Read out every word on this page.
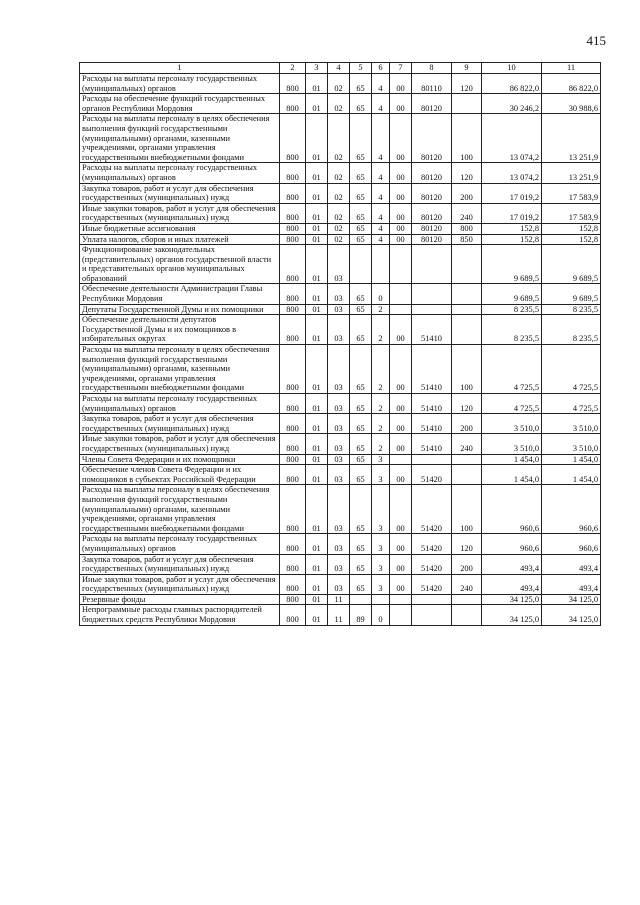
415
1	2	3	4	5	6	7	8	9	10	11
Расходы на выплаты персоналу государственных (муниципальных) органов	800	01	02	65	4	00	80110	120	86 822,0	86 822,0
Расходы на обеспечение функций государственных органов Республики Мордовия	800	01	02	65	4	00	80120		30 246,2	30 988,6
Расходы на выплаты персоналу в целях обеспечения выполнения функций государственными (муниципальными) органами, казенными учреждениями, органами управления государственными внебюджетными фондами	800	01	02	65	4	00	80120	100	13 074,2	13 251,9
Расходы на выплаты персоналу государственных (муниципальных) органов	800	01	02	65	4	00	80120	120	13 074,2	13 251,9
Закупка товаров, работ и услуг для обеспечения государственных (муниципальных) нужд	800	01	02	65	4	00	80120	200	17 019,2	17 583,9
Иные закупки товаров, работ и услуг для обеспечения государственных (муниципальных) нужд	800	01	02	65	4	00	80120	240	17 019,2	17 583,9
Иные бюджетные ассигнования	800	01	02	65	4	00	80120	800	152,8	152,8
Уплата налогов, сборов и иных платежей	800	01	02	65	4	00	80120	850	152,8	152,8
Функционирование законодательных (представительных) органов государственной власти и представительных органов муниципальных образований	800	01	03						9 689,5	9 689,5
Обеспечение деятельности Администрации Главы Республики Мордовия	800	01	03	65	0				9 689,5	9 689,5
Депутаты Государственной Думы и их помощники	800	01	03	65	2				8 235,5	8 235,5
Обеспечение деятельности депутатов Государственной Думы и их помощников в избирательных округах	800	01	03	65	2	00	51410		8 235,5	8 235,5
Расходы на выплаты персоналу в целях обеспечения выполнения функций государственными (муниципальными) органами, казенными учреждениями, органами управления государственными внебюджетными фондами	800	01	03	65	2	00	51410	100	4 725,5	4 725,5
Расходы на выплаты персоналу государственных (муниципальных) органов	800	01	03	65	2	00	51410	120	4 725,5	4 725,5
Закупка товаров, работ и услуг для обеспечения государственных (муниципальных) нужд	800	01	03	65	2	00	51410	200	3 510,0	3 510,0
Иные закупки товаров, работ и услуг для обеспечения государственных (муниципальных) нужд	800	01	03	65	2	00	51410	240	3 510,0	3 510,0
Члены Совета Федерации и их помощники	800	01	03	65	3				1 454,0	1 454,0
Обеспечение членов Совета Федерации и их помощников в субъектах Российской Федерации	800	01	03	65	3	00	51420		1 454,0	1 454,0
Расходы на выплаты персоналу в целях обеспечения выполнения функций государственными (муниципальными) органами, казенными учреждениями, органами управления государственными внебюджетными фондами	800	01	03	65	3	00	51420	100	960,6	960,6
Расходы на выплаты персоналу государственных (муниципальных) органов	800	01	03	65	3	00	51420	120	960,6	960,6
Закупка товаров, работ и услуг для обеспечения государственных (муниципальных) нужд	800	01	03	65	3	00	51420	200	493,4	493,4
Иные закупки товаров, работ и услуг для обеспечения государственных (муниципальных) нужд	800	01	03	65	3	00	51420	240	493,4	493,4
Резервные фонды	800	01	11						34 125,0	34 125,0
Непрограммные расходы главных распорядителей бюджетных средств Республики Мордовия	800	01	11	89	0				34 125,0	34 125,0
